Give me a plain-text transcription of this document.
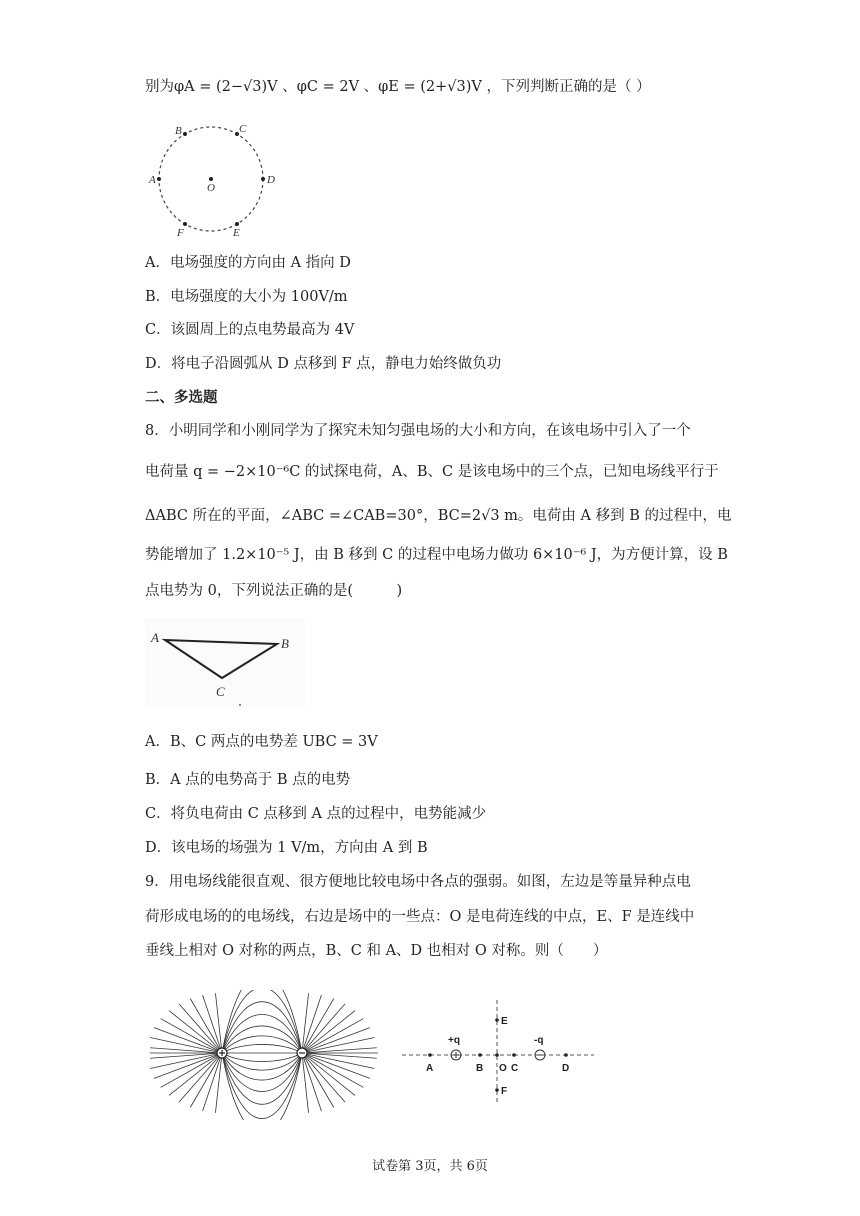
别为φA = (2−√3)V 、φC = 2V 、φE = (2+√3)V ，下列判断正确的是（ ）
B	C
A	D
F	E
O
A．电场强度的方向由 A 指向 D
B．电场强度的大小为 100V/m
C．该圆周上的点电势最高为 4V
D．将电子沿圆弧从 D 点移到 F 点，静电力始终做负功
二、多选题
8．小明同学和小刚同学为了探究未知匀强电场的大小和方向，在该电场中引入了一个
电荷量 q = −2×10⁻⁶C 的试探电荷，A、B、C 是该电场中的三个点，已知电场线平行于
ΔABC 所在的平面，∠ABC =∠CAB=30°，BC=2√3 m。电荷由 A 移到 B 的过程中，电
势能增加了 1.2×10⁻⁵ J，由 B 移到 C 的过程中电场力做功 6×10⁻⁶ J，为方便计算，设 B
点电势为 0，下列说法正确的是(　　　)
A	B
C
A．B、C 两点的电势差 UBC = 3V
B．A 点的电势高于 B 点的电势
C．将负电荷由 C 点移到 A 点的过程中，电势能减少
D．该电场的场强为 1 V/m，方向由 A 到 B
9．用电场线能很直观、很方便地比较电场中各点的强弱。如图，左边是等量异种点电
荷形成电场的的电场线，右边是场中的一些点：O 是电荷连线的中点，E、F 是连线中
垂线上相对 O 对称的两点，B、C 和 A、D 也相对 O 对称。则（　　）
+q	-q
A	B O C	D
E
F
试卷第 3页，共 6页
